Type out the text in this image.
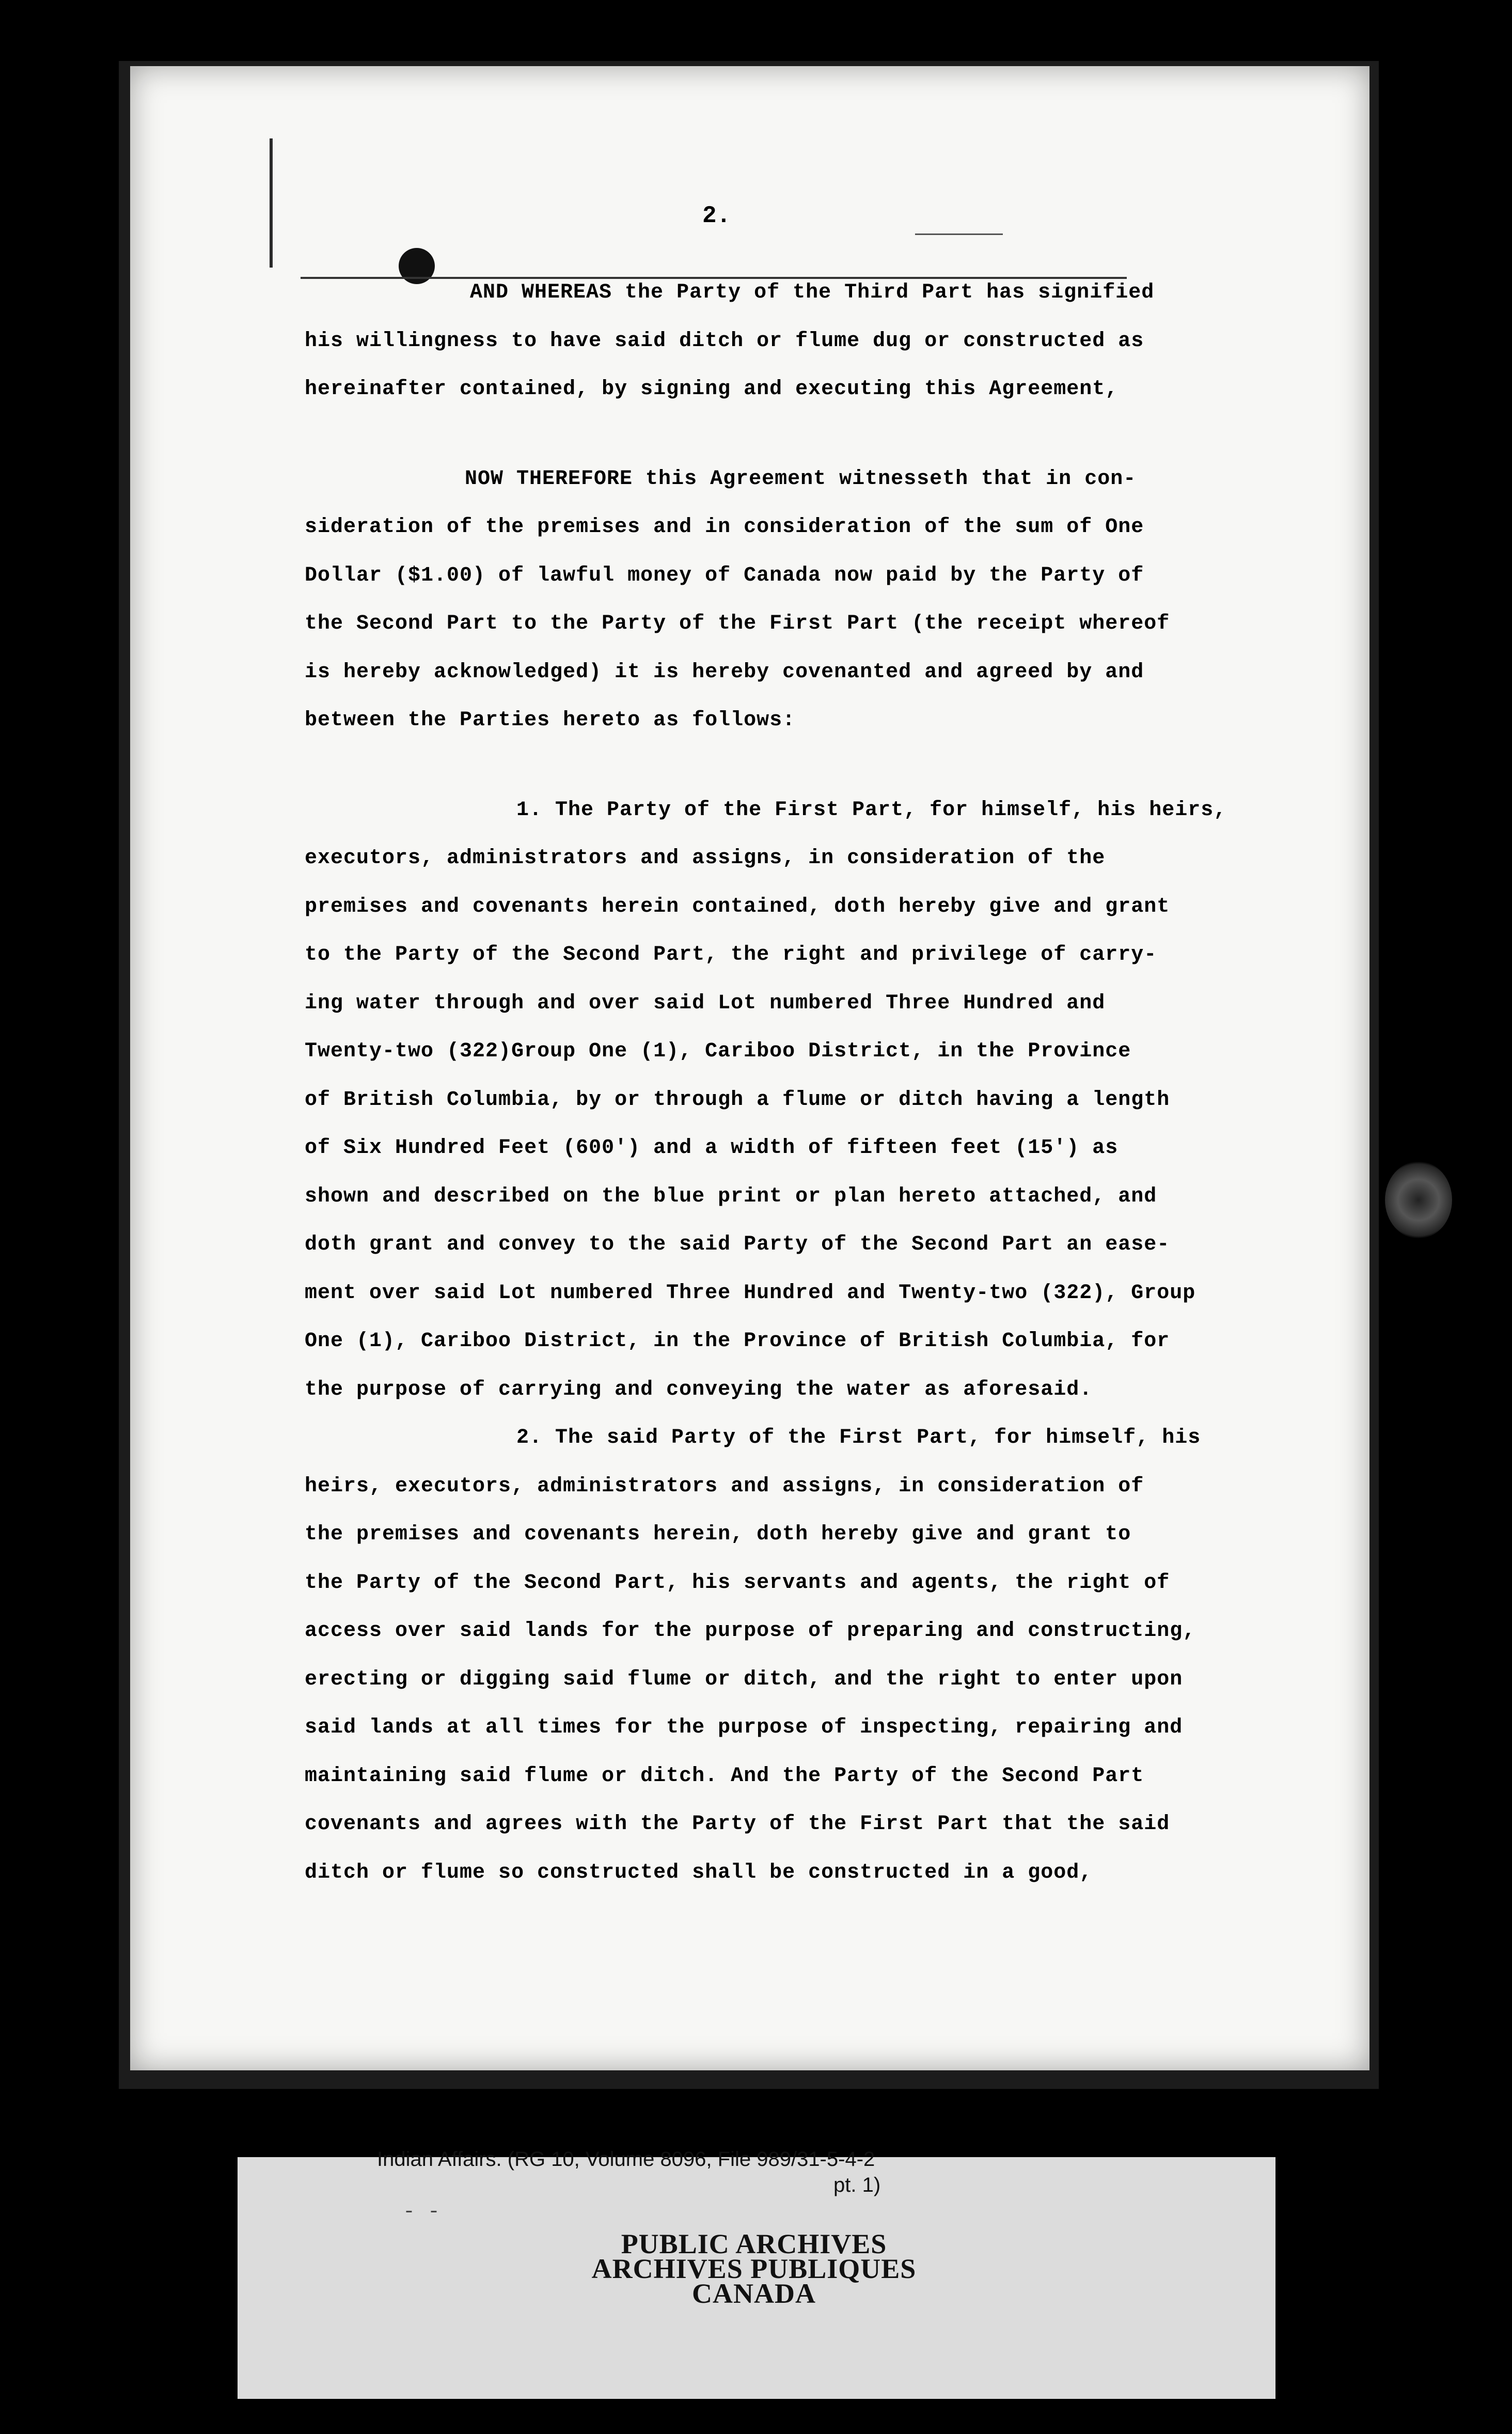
2.

AND WHEREAS the Party of the Third Part has signified
his willingness to have said ditch or flume dug or constructed as
hereinafter contained, by signing and executing this Agreement,

NOW THEREFORE this Agreement witnesseth that in con-
sideration of the premises and in consideration of the sum of One
Dollar ($1.00) of lawful money of Canada now paid by the Party of
the Second Part to the Party of the First Part (the receipt whereof
is hereby acknowledged) it is hereby covenanted and agreed by and
between the Parties hereto as follows:

1. The Party of the First Part, for himself, his heirs,
executors, administrators and assigns, in consideration of the
premises and covenants herein contained, doth hereby give and grant
to the Party of the Second Part, the right and privilege of carry-
ing water through and over said Lot numbered Three Hundred and
Twenty-two (322)Group One (1), Cariboo District, in the Province
of British Columbia, by or through a flume or ditch having a length
of Six Hundred Feet (600') and a width of fifteen feet (15') as
shown and described on the blue print or plan hereto attached, and
doth grant and convey to the said Party of the Second Part an ease-
ment over said Lot numbered Three Hundred and Twenty-two (322), Group
One (1), Cariboo District, in the Province of British Columbia, for
the purpose of carrying and conveying the water as aforesaid.

2. The said Party of the First Part, for himself, his
heirs, executors, administrators and assigns, in consideration of
the premises and covenants herein, doth hereby give and grant to
the Party of the Second Part, his servants and agents, the right of
access over said lands for the purpose of preparing and constructing,
erecting or digging said flume or ditch, and the right to enter upon
said lands at all times for the purpose of inspecting, repairing and
maintaining said flume or ditch. And the Party of the Second Part
covenants and agrees with the Party of the First Part that the said
ditch or flume so constructed shall be constructed in a good,

Indian Affairs. (RG 10, Volume 8096, File 989/31-5-4-2
pt. 1)
- -
PUBLIC ARCHIVES
ARCHIVES PUBLIQUES
CANADA
